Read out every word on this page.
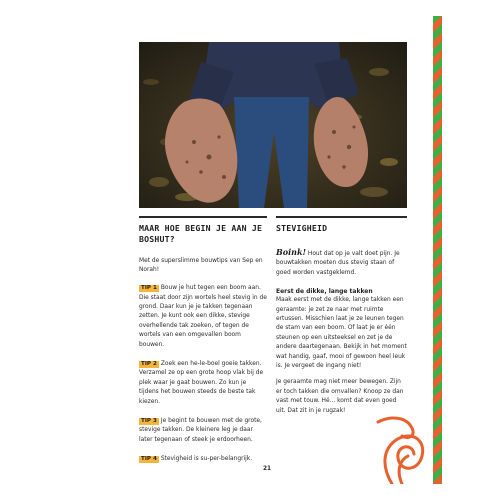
MAAR HOE BEGIN JE AAN JE BOSHUT?
Met de superslimme bouwtips van Sep en Norah!
TIP 1 Bouw je hut tegen een boom aan. Die staat door zijn wortels heel stevig in de grond. Daar kun je je takken tegenaan zetten. Je kunt ook een dikke, stevige overhellende tak zoeken, of tegen de wortels van een omgevallen boom bouwen.
TIP 2 Zoek een he-le-boel goeie takken. Verzamel ze op een grote hoop vlak bij de plek waar je gaat bouwen. Zo kun je tijdens het bouwen steeds de beste tak kiezen.
TIP 3 Je begint te bouwen met de grote, stevige takken. De kleinere leg je daar later tegenaan of steek je erdoorheen.
TIP 4 Stevigheid is su-per-belangrijk.
STEVIGHEID
Boink! Hout dat op je valt doet pijn. Je bouwtakken moeten dus stevig staan of goed worden vastgeklemd.
Eerst de dikke, lange takken
Maak eerst met de dikke, lange takken een geraamte: je zet ze naar met ruimte ertussen. Misschien laat je ze leunen tegen de stam van een boom. Of laat je er één steunen op een uitsteeksel en zet je de andere daartegenaan. Bekijk in het moment wat handig, gaaf, mooi of gewoon heel leuk is. Je vergeet de ingang niet!
Je geraamte mag niet meer bewegen. Zijn er toch takken die omvallen? Knoop ze dan vast met touw. Hé... komt dat even goed uit. Dat zit in je rugzak!
21
